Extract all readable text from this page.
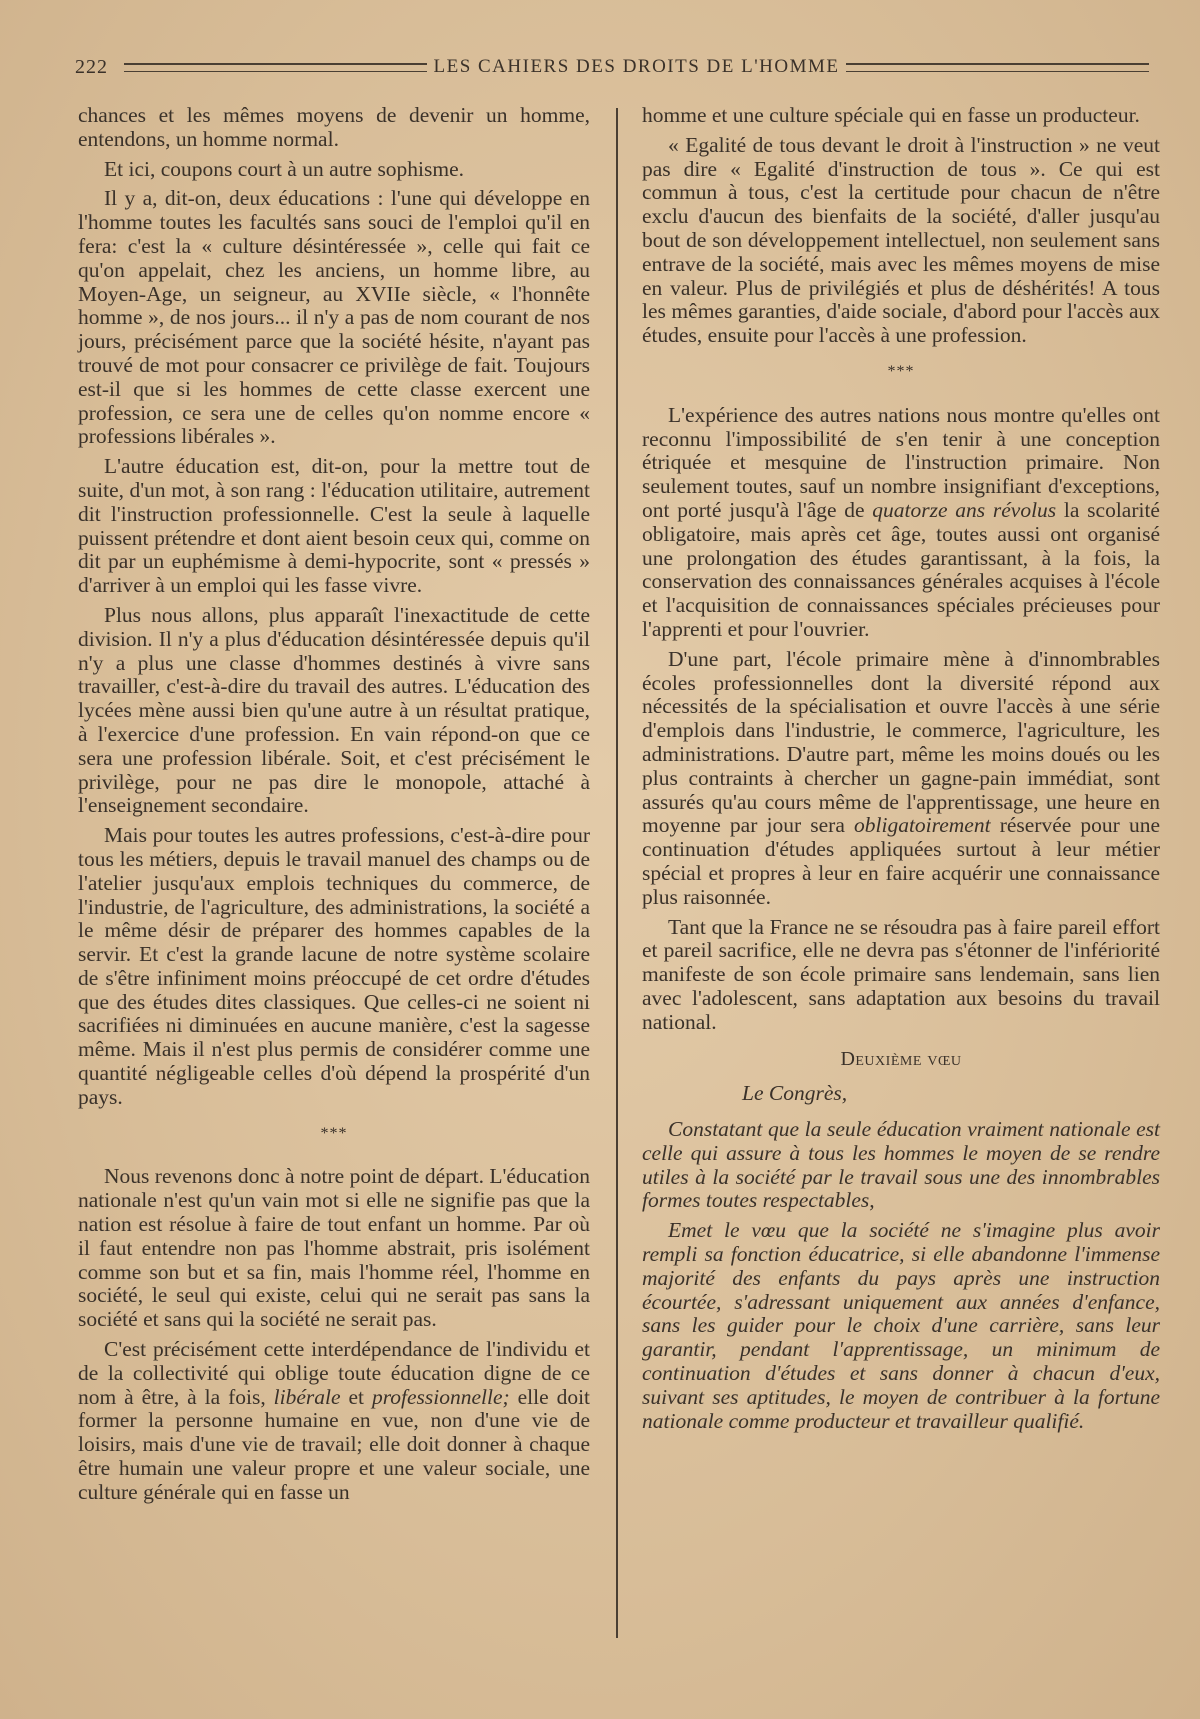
222	LES CAHIERS DES DROITS DE L'HOMME

chances et les mêmes moyens de devenir un homme, entendons, un homme normal.

Et ici, coupons court à un autre sophisme.

Il y a, dit-on, deux éducations : l'une qui développe en l'homme toutes les facultés sans souci de l'emploi qu'il en fera: c'est la « culture désintéressée », celle qui fait ce qu'on appelait, chez les anciens, un homme libre, au Moyen-Age, un seigneur, au XVIIe siècle, « l'honnête homme », de nos jours... il n'y a pas de nom courant de nos jours, précisément parce que la société hésite, n'ayant pas trouvé de mot pour consacrer ce privilège de fait. Toujours est-il que si les hommes de cette classe exercent une profession, ce sera une de celles qu'on nomme encore « professions libérales ».

L'autre éducation est, dit-on, pour la mettre tout de suite, d'un mot, à son rang : l'éducation utilitaire, autrement dit l'instruction professionnelle. C'est la seule à laquelle puissent prétendre et dont aient besoin ceux qui, comme on dit par un euphémisme à demi-hypocrite, sont « pressés » d'arriver à un emploi qui les fasse vivre.

Plus nous allons, plus apparaît l'inexactitude de cette division. Il n'y a plus d'éducation désintéressée depuis qu'il n'y a plus une classe d'hommes destinés à vivre sans travailler, c'est-à-dire du travail des autres. L'éducation des lycées mène aussi bien qu'une autre à un résultat pratique, à l'exercice d'une profession. En vain répond-on que ce sera une profession libérale. Soit, et c'est précisément le privilège, pour ne pas dire le monopole, attaché à l'enseignement secondaire.

Mais pour toutes les autres professions, c'est-à-dire pour tous les métiers, depuis le travail manuel des champs ou de l'atelier jusqu'aux emplois techniques du commerce, de l'industrie, de l'agriculture, des administrations, la société a le même désir de préparer des hommes capables de la servir. Et c'est la grande lacune de notre système scolaire de s'être infiniment moins préoccupé de cet ordre d'études que des études dites classiques. Que celles-ci ne soient ni sacrifiées ni diminuées en aucune manière, c'est la sagesse même. Mais il n'est plus permis de considérer comme une quantité négligeable celles d'où dépend la prospérité d'un pays.

***

Nous revenons donc à notre point de départ. L'éducation nationale n'est qu'un vain mot si elle ne signifie pas que la nation est résolue à faire de tout enfant un homme. Par où il faut entendre non pas l'homme abstrait, pris isolément comme son but et sa fin, mais l'homme réel, l'homme en société, le seul qui existe, celui qui ne serait pas sans la société et sans qui la société ne serait pas.

C'est précisément cette interdépendance de l'individu et de la collectivité qui oblige toute éducation digne de ce nom à être, à la fois, libérale et professionnelle; elle doit former la personne humaine en vue, non d'une vie de loisirs, mais d'une vie de travail; elle doit donner à chaque être humain une valeur propre et une valeur sociale, une culture générale qui en fasse un

homme et une culture spéciale qui en fasse un producteur.

« Egalité de tous devant le droit à l'instruction » ne veut pas dire « Egalité d'instruction de tous ». Ce qui est commun à tous, c'est la certitude pour chacun de n'être exclu d'aucun des bienfaits de la société, d'aller jusqu'au bout de son développement intellectuel, non seulement sans entrave de la société, mais avec les mêmes moyens de mise en valeur. Plus de privilégiés et plus de déshérités! A tous les mêmes garanties, d'aide sociale, d'abord pour l'accès aux études, ensuite pour l'accès à une profession.

***

L'expérience des autres nations nous montre qu'elles ont reconnu l'impossibilité de s'en tenir à une conception étriquée et mesquine de l'instruction primaire. Non seulement toutes, sauf un nombre insignifiant d'exceptions, ont porté jusqu'à l'âge de quatorze ans révolus la scolarité obligatoire, mais après cet âge, toutes aussi ont organisé une prolongation des études garantissant, à la fois, la conservation des connaissances générales acquises à l'école et l'acquisition de connaissances spéciales précieuses pour l'apprenti et pour l'ouvrier.

D'une part, l'école primaire mène à d'innombrables écoles professionnelles dont la diversité répond aux nécessités de la spécialisation et ouvre l'accès à une série d'emplois dans l'industrie, le commerce, l'agriculture, les administrations. D'autre part, même les moins doués ou les plus contraints à chercher un gagne-pain immédiat, sont assurés qu'au cours même de l'apprentissage, une heure en moyenne par jour sera obligatoirement réservée pour une continuation d'études appliquées surtout à leur métier spécial et propres à leur en faire acquérir une connaissance plus raisonnée.

Tant que la France ne se résoudra pas à faire pareil effort et pareil sacrifice, elle ne devra pas s'étonner de l'infériorité manifeste de son école primaire sans lendemain, sans lien avec l'adolescent, sans adaptation aux besoins du travail national.

Deuxième vœu

Le Congrès,

Constatant que la seule éducation vraiment nationale est celle qui assure à tous les hommes le moyen de se rendre utiles à la société par le travail sous une des innombrables formes toutes respectables,

Emet le vœu que la société ne s'imagine plus avoir rempli sa fonction éducatrice, si elle abandonne l'immense majorité des enfants du pays après une instruction écourtée, s'adressant uniquement aux années d'enfance, sans les guider pour le choix d'une carrière, sans leur garantir, pendant l'apprentissage, un minimum de continuation d'études et sans donner à chacun d'eux, suivant ses aptitudes, le moyen de contribuer à la fortune nationale comme producteur et travailleur qualifié.
